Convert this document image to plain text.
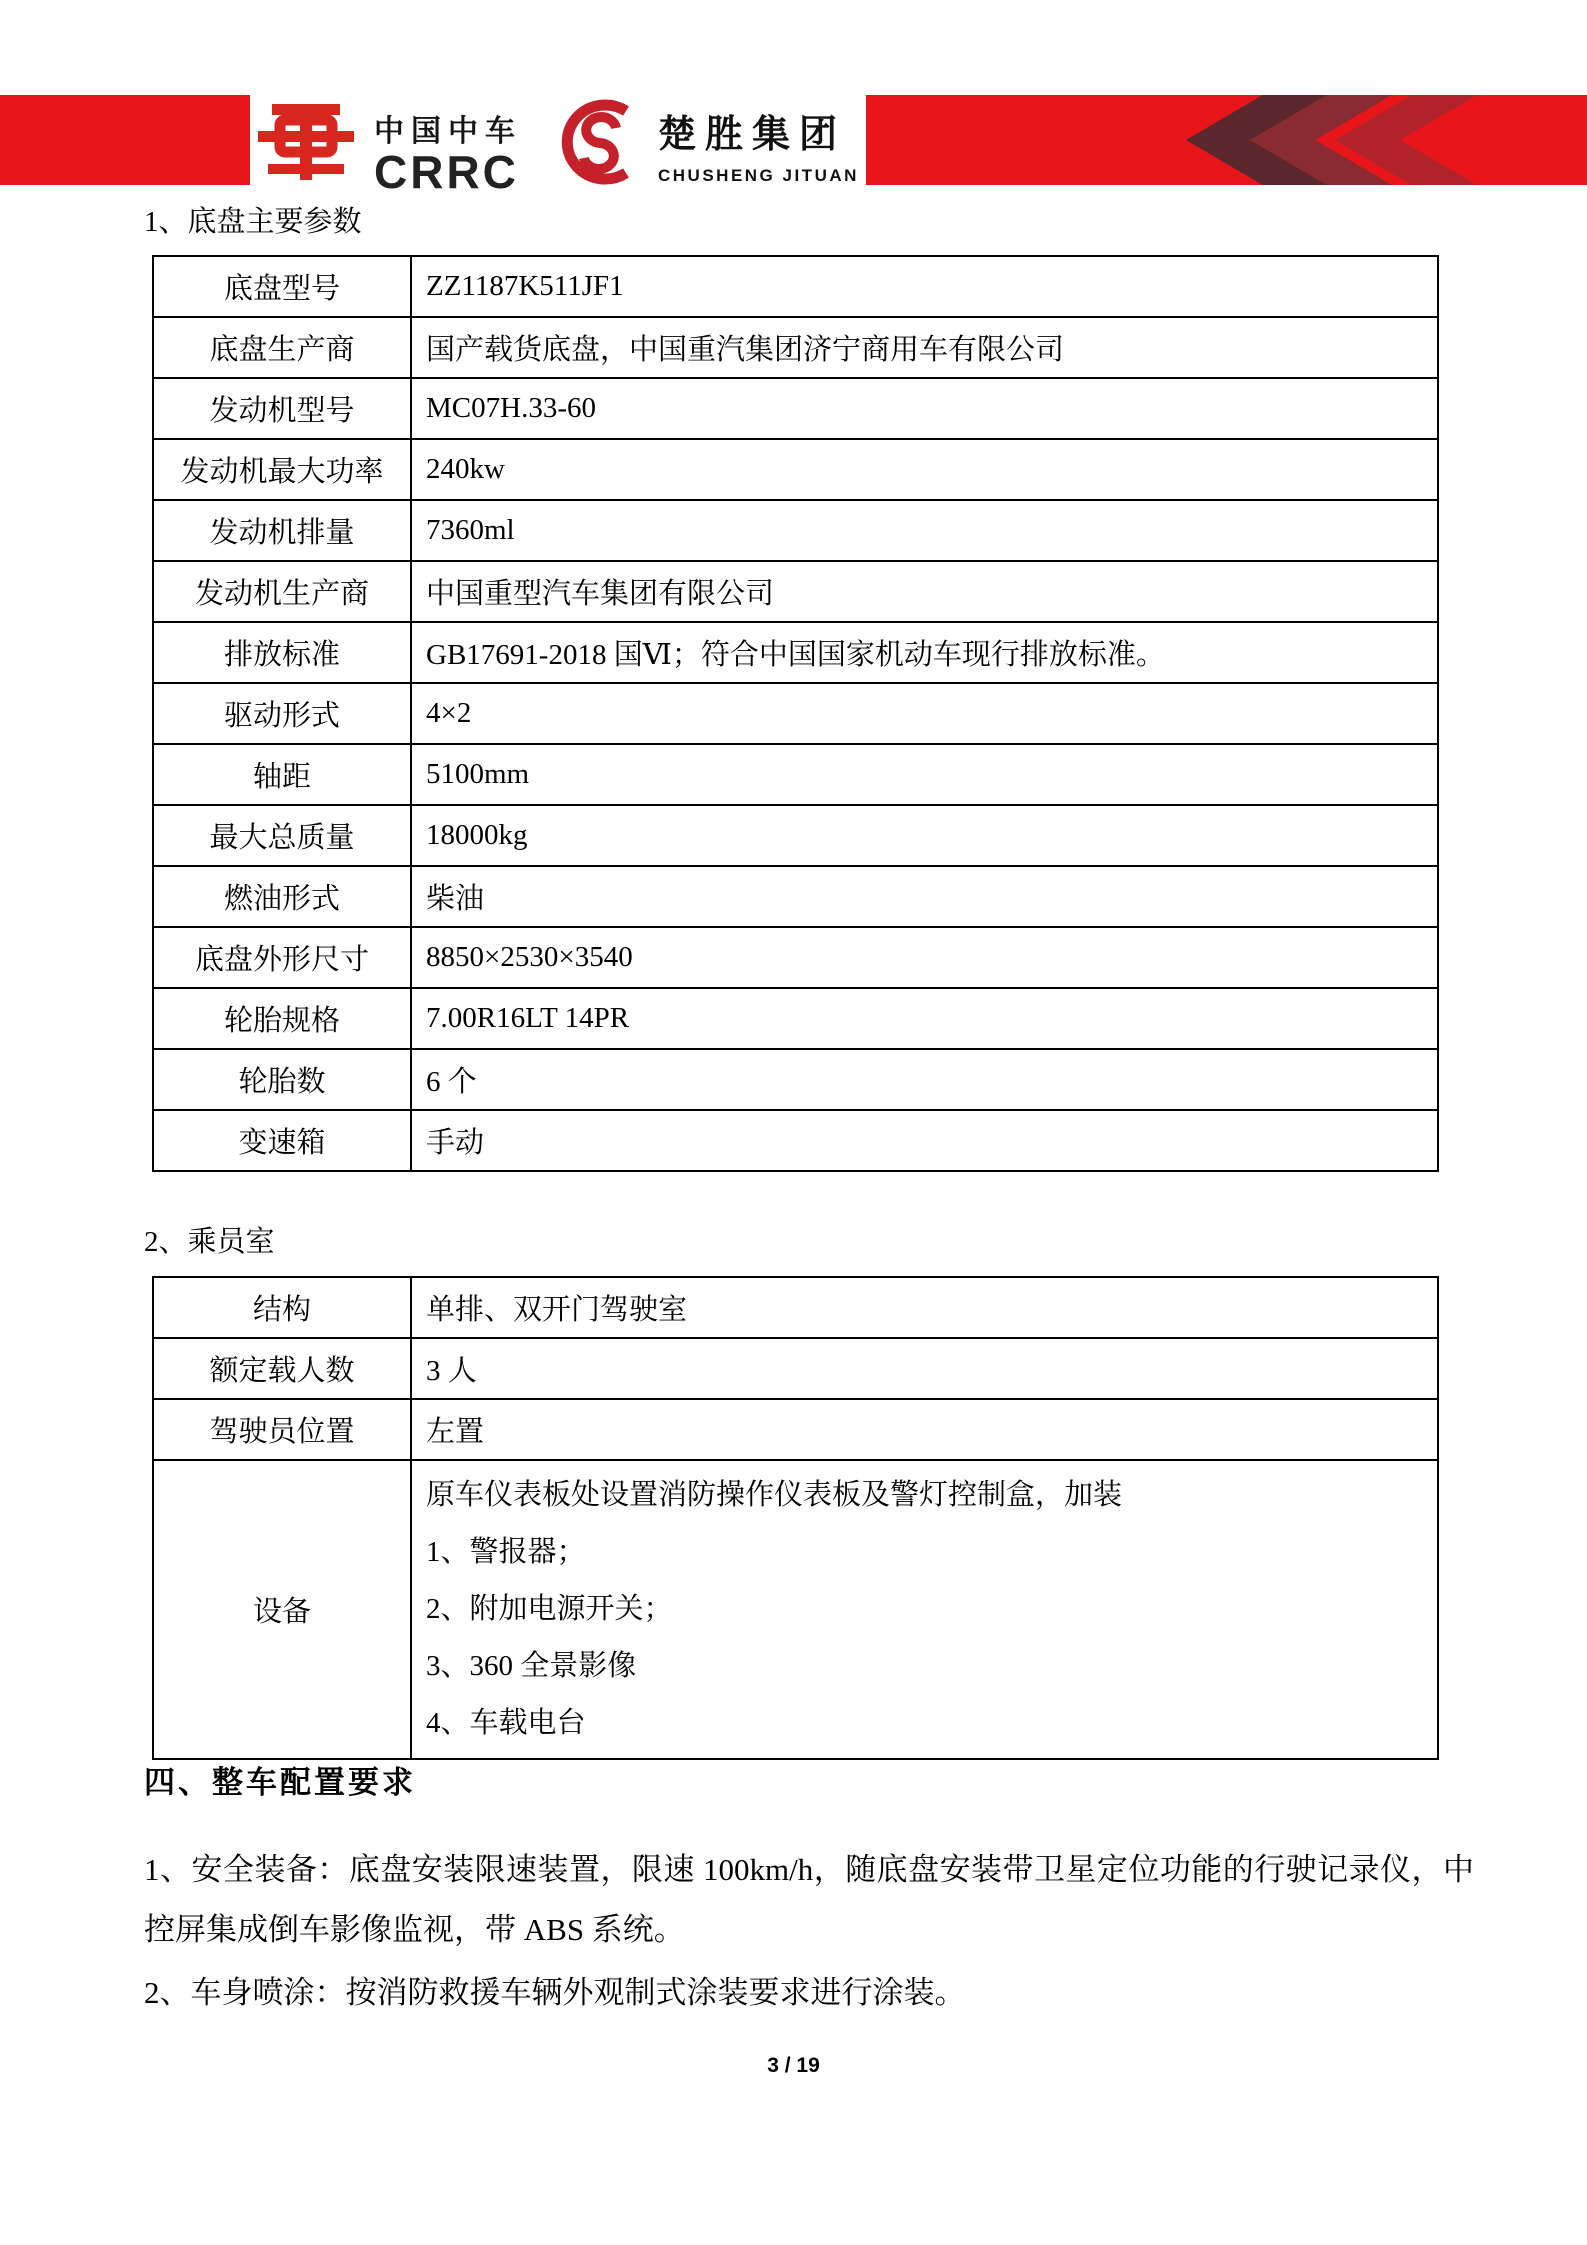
中国中车
CRRC
楚胜集团
CHUSHENG JITUAN
1、底盘主要参数
底盘型号	ZZ1187K511JF1
底盘生产商	国产载货底盘，中国重汽集团济宁商用车有限公司
发动机型号	MC07H.33-60
发动机最大功率	240kw
发动机排量	7360ml
发动机生产商	中国重型汽车集团有限公司
排放标准	GB17691-2018 国Ⅵ；符合中国国家机动车现行排放标准。
驱动形式	4×2
轴距	5100mm
最大总质量	18000kg
燃油形式	柴油
底盘外形尺寸	8850×2530×3540
轮胎规格	7.00R16LT 14PR
轮胎数	6 个
变速箱	手动
2、乘员室
结构	单排、双开门驾驶室
额定载人数	3 人
驾驶员位置	左置
设备	原车仪表板处设置消防操作仪表板及警灯控制盒，加装
1、警报器；
2、附加电源开关；
3、360 全景影像
4、车载电台
四、整车配置要求

1、安全装备：底盘安装限速装置，限速 100km/h，随底盘安装带卫星定位功能的行驶记录仪，中控屏集成倒车影像监视，带 ABS 系统。

2、车身喷涂：按消防救援车辆外观制式涂装要求进行涂装。

3 / 19
